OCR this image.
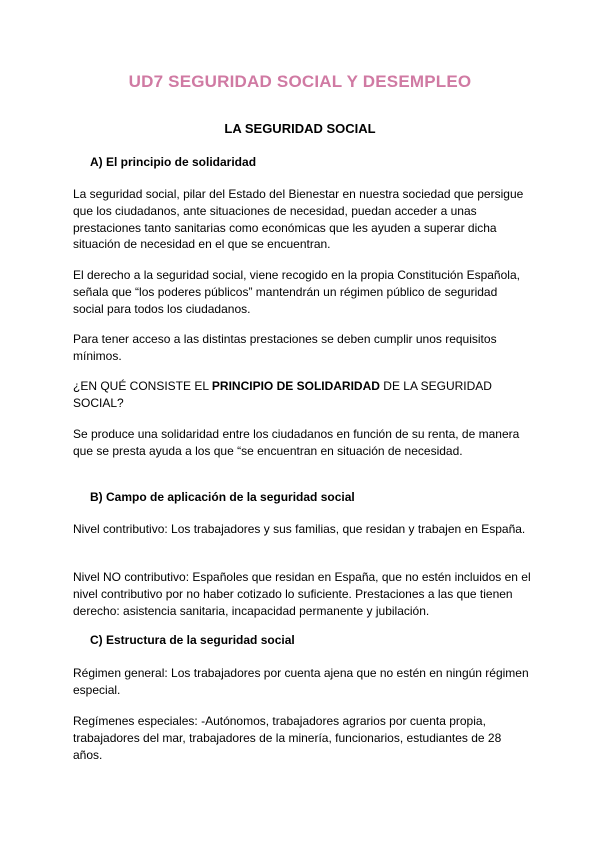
UD7 SEGURIDAD SOCIAL Y DESEMPLEO
LA SEGURIDAD SOCIAL
A) El principio de solidaridad

La seguridad social, pilar del Estado del Bienestar en nuestra sociedad que persigue que los ciudadanos, ante situaciones de necesidad, puedan acceder a unas prestaciones tanto sanitarias como económicas que les ayuden a superar dicha situación de necesidad en el que se encuentran.

El derecho a la seguridad social, viene recogido en la propia Constitución Española, señala que “los poderes públicos” mantendrán un régimen público de seguridad social para todos los ciudadanos.

Para tener acceso a las distintas prestaciones se deben cumplir unos requisitos mínimos.

¿EN QUÉ CONSISTE EL PRINCIPIO DE SOLIDARIDAD DE LA SEGURIDAD SOCIAL?

Se produce una solidaridad entre los ciudadanos en función de su renta, de manera que se presta ayuda a los que “se encuentran en situación de necesidad.

B) Campo de aplicación de la seguridad social

Nivel contributivo: Los trabajadores y sus familias, que residan y trabajen en España.

Nivel NO contributivo: Españoles que residan en España, que no estén incluidos en el nivel contributivo por no haber cotizado lo suficiente. Prestaciones a las que tienen derecho: asistencia sanitaria, incapacidad permanente y jubilación.

C) Estructura de la seguridad social

Régimen general: Los trabajadores por cuenta ajena que no estén en ningún régimen especial.

Regímenes especiales: -Autónomos, trabajadores agrarios por cuenta propia, trabajadores del mar, trabajadores de la minería, funcionarios, estudiantes de 28 años.
